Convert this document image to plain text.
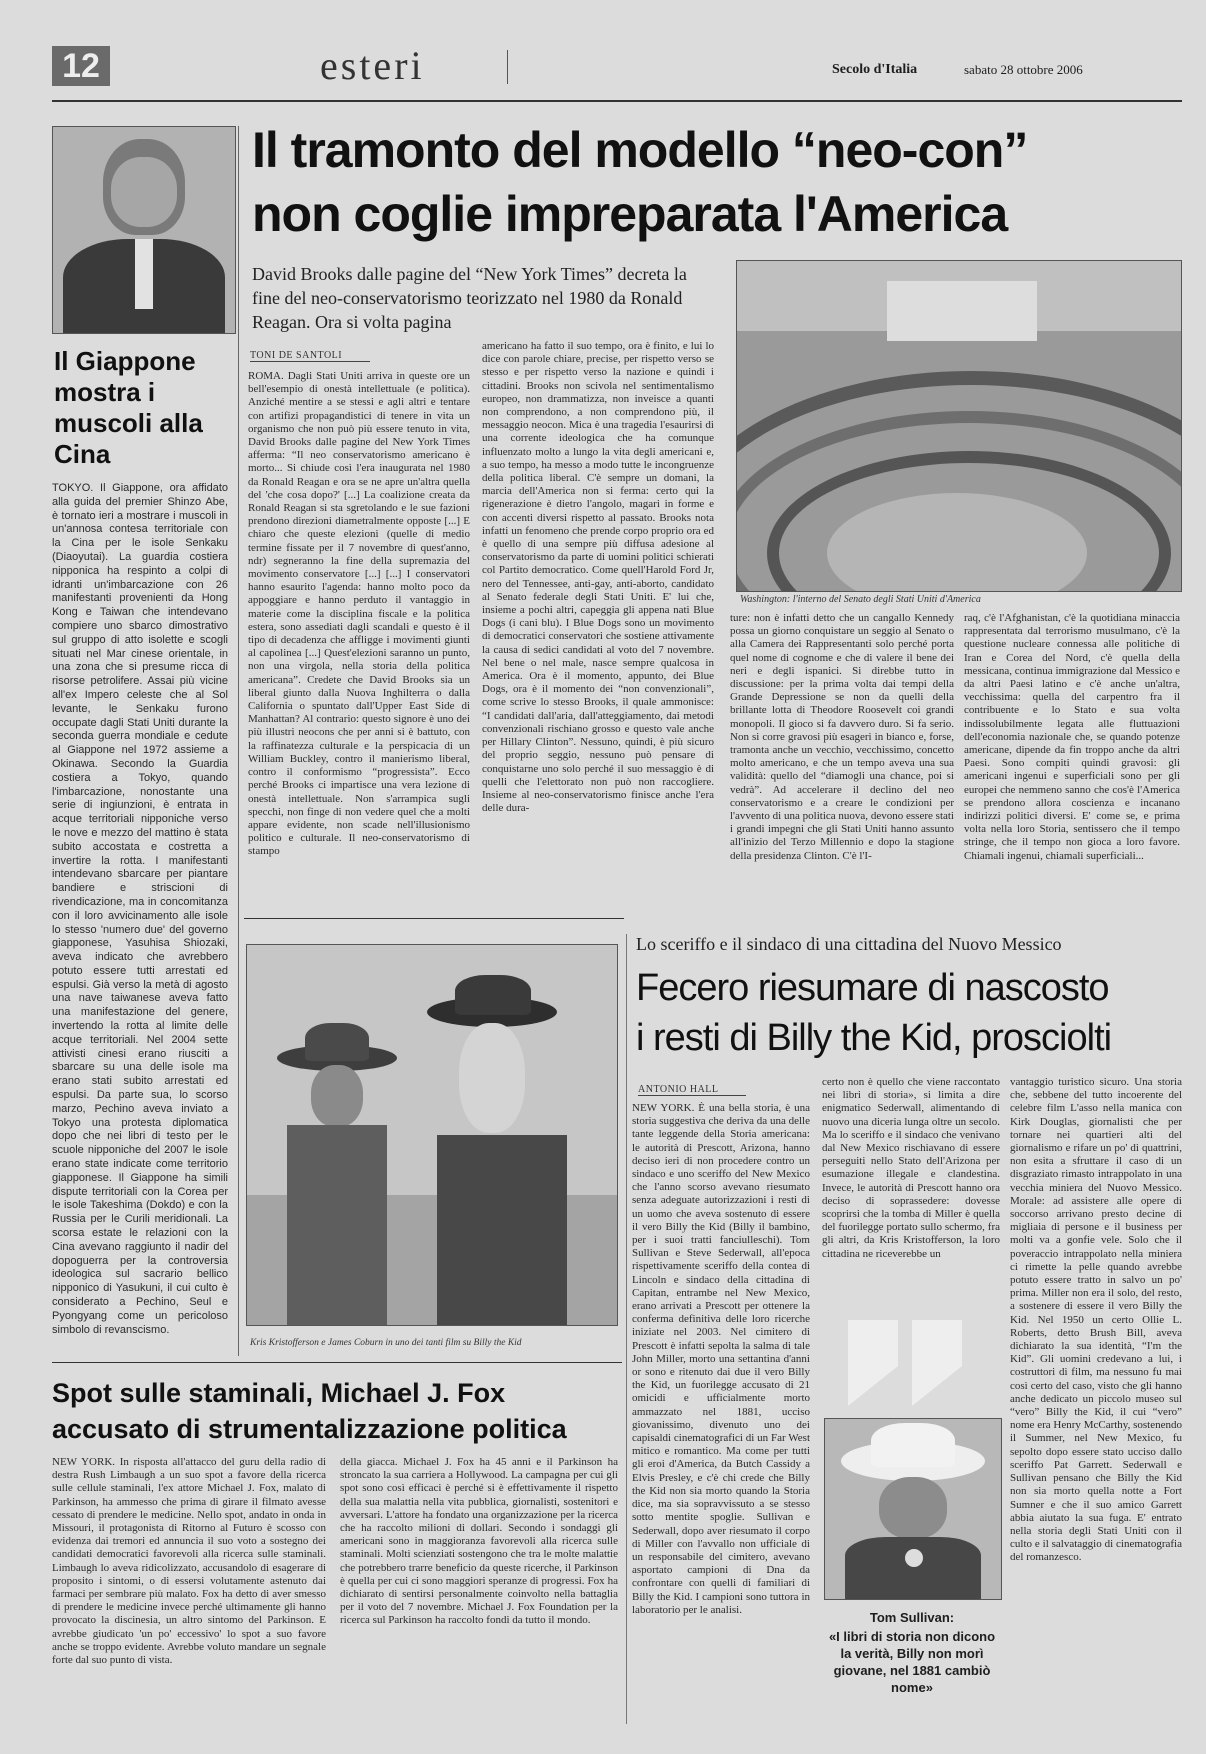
12	esteri	Secolo d'Italia	sabato 28 ottobre 2006
Il Giappone mostra i muscoli alla Cina
TOKYO. Il Giappone, ora affidato alla guida del premier Shinzo Abe, è tornato ieri a mostrare i muscoli in un'annosa contesa territoriale con la Cina per le isole Senkaku (Diaoyutai). La guardia costiera nipponica ha respinto a colpi di idranti un'imbarcazione con 26 manifestanti provenienti da Hong Kong e Taiwan che intendevano compiere uno sbarco dimostrativo sul gruppo di atto isolette e scogli situati nel Mar cinese orientale, in una zona che si presume ricca di risorse petrolifere. Assai più vicine all'ex Impero celeste che al Sol levante, le Senkaku furono occupate dagli Stati Uniti durante la seconda guerra mondiale e cedute al Giappone nel 1972 assieme a Okinawa. Secondo la Guardia costiera a Tokyo, quando l'imbarcazione, nonostante una serie di ingiunzioni, è entrata in acque territoriali nipponiche verso le nove e mezzo del mattino è stata subito accostata e costretta a invertire la rotta. I manifestanti intendevano sbarcare per piantare bandiere e striscioni di rivendicazione, ma in concomitanza con il loro avvicinamento alle isole lo stesso 'numero due' del governo giapponese, Yasuhisa Shiozaki, aveva indicato che avrebbero potuto essere tutti arrestati ed espulsi. Già verso la metà di agosto una nave taiwanese aveva fatto una manifestazione del genere, invertendo la rotta al limite delle acque territoriali. Nel 2004 sette attivisti cinesi erano riusciti a sbarcare su una delle isole ma erano stati subito arrestati ed espulsi. Da parte sua, lo scorso marzo, Pechino aveva inviato a Tokyo una protesta diplomatica dopo che nei libri di testo per le scuole nipponiche del 2007 le isole erano state indicate come territorio giapponese. Il Giappone ha simili dispute territoriali con la Corea per le isole Takeshima (Dokdo) e con la Russia per le Curili meridionali. La scorsa estate le relazioni con la Cina avevano raggiunto il nadir del dopoguerra per la controversia ideologica sul sacrario bellico nipponico di Yasukuni, il cui culto è considerato a Pechino, Seul e Pyongyang come un pericoloso simbolo di revanscismo.
Il tramonto del modello “neo-con”
non coglie impreparata l'America
David Brooks dalle pagine del “New York Times” decreta la fine del neo-conservatorismo teorizzato nel 1980 da Ronald Reagan. Ora si volta pagina
TONI DE SANTOLI
ROMA. Dagli Stati Uniti arriva in queste ore un bell'esempio di onestà intellettuale (e politica). Anziché mentire a se stessi e agli altri e tentare con artifizi propagandistici di tenere in vita un organismo che non può più essere tenuto in vita, David Brooks dalle pagine del New York Times afferma: “Il neo conservatorismo americano è morto... Si chiude così l'era inaugurata nel 1980 da Ronald Reagan e ora se ne apre un'altra quella del 'che cosa dopo?' [...] La coalizione creata da Ronald Reagan si sta sgretolando e le sue fazioni prendono direzioni diametralmente opposte [...] E chiaro che queste elezioni (quelle di medio termine fissate per il 7 novembre di quest'anno, ndr) segneranno la fine della supremazia del movimento conservatore [...] [...] I conservatori hanno esaurito l'agenda: hanno molto poco da appoggiare e hanno perduto il vantaggio in materie come la disciplina fiscale e la politica estera, sono assediati dagli scandali e questo è il tipo di decadenza che affligge i movimenti giunti al capolinea [...] Quest'elezioni saranno un punto, non una virgola, nella storia della politica americana”. Credete che David Brooks sia un liberal giunto dalla Nuova Inghilterra o dalla California o spuntato dall'Upper East Side di Manhattan? Al contrario: questo signore è uno dei più illustri neocons che per anni si è battuto, con la raffinatezza culturale e la perspicacia di un William Buckley, contro il manierismo liberal, contro il conformismo “progressista”. Ecco perché Brooks ci impartisce una vera lezione di onestà intellettuale. Non s'arrampica sugli specchi, non finge di non vedere quel che a molti appare evidente, non scade nell'illusionismo politico e culturale. Il neo-conservatorismo di stampo
americano ha fatto il suo tempo, ora è finito, e lui lo dice con parole chiare, precise, per rispetto verso se stesso e per rispetto verso la nazione e quindi i cittadini. Brooks non scivola nel sentimentalismo europeo, non drammatizza, non inveisce a quanti non comprendono, a non comprendono più, il messaggio neocon. Mica è una tragedia l'esaurirsi di una corrente ideologica che ha comunque influenzato molto a lungo la vita degli americani e, a suo tempo, ha messo a modo tutte le incongruenze della politica liberal. C'è sempre un domani, la marcia dell'America non si ferma: certo qui la rigenerazione è dietro l'angolo, magari in forme e con accenti diversi rispetto al passato. Brooks nota infatti un fenomeno che prende corpo proprio ora ed è quello di una sempre più diffusa adesione al conservatorismo da parte di uomini politici schierati col Partito democratico. Come quell'Harold Ford Jr, nero del Tennessee, anti-gay, anti-aborto, candidato al Senato federale degli Stati Uniti. E' lui che, insieme a pochi altri, capeggia gli appena nati Blue Dogs (i cani blu). I Blue Dogs sono un movimento di democratici conservatori che sostiene attivamente la causa di sedici candidati al voto del 7 novembre. Nel bene o nel male, nasce sempre qualcosa in America. Ora è il momento, appunto, dei Blue Dogs, ora è il momento dei “non convenzionali”, come scrive lo stesso Brooks, il quale ammonisce: “I candidati dall'aria, dall'atteggiamento, dai metodi convenzionali rischiano grosso e questo vale anche per Hillary Clinton”. Nessuno, quindi, è più sicuro del proprio seggio, nessuno può pensare di conquistarne uno solo perché il suo messaggio è di quelli che l'elettorato non può non raccogliere. Insieme al neo-conservatorismo finisce anche l'era delle dura-
Washington: l'interno del Senato degli Stati Uniti d'America
ture: non è infatti detto che un cangallo Kennedy possa un giorno conquistare un seggio al Senato o alla Camera dei Rappresentanti solo perché porta quel nome di cognome e che di valere il bene dei neri e degli ispanici. Si direbbe tutto in discussione: per la prima volta dai tempi della Grande Depressione se non da quelli della brillante lotta di Theodore Roosevelt coi grandi monopoli. Il gioco si fa davvero duro. Si fa serio. Non si corre gravosi più esageri in bianco e, forse, tramonta anche un vecchio, vecchissimo, concetto molto americano, e che un tempo aveva una sua validità: quello del “diamogli una chance, poi si vedrà”. Ad accelerare il declino del neo conservatorismo e a creare le condizioni per l'avvento di una politica nuova, devono essere stati i grandi impegni che gli Stati Uniti hanno assunto all'inizio del Terzo Millennio e dopo la stagione della presidenza Clinton. C'è l'I-
raq, c'è l'Afghanistan, c'è la quotidiana minaccia rappresentata dal terrorismo musulmano, c'è la questione nucleare connessa alle politiche di Iran e Corea del Nord, c'è quella della messicana, continua immigrazione dal Messico e da altri Paesi latino e c'è anche un'altra, vecchissima: quella del carpentro fra il contribuente e lo Stato e sua volta indissolubilmente legata alle fluttuazioni dell'economia nazionale che, se quando potenze americane, dipende da fin troppo anche da altri Paesi. Sono compiti quindi gravosi: gli americani ingenui e superficiali sono per gli europei che nemmeno sanno che cos'è l'America se prendono allora coscienza e incanano indirizzi politici diversi. E' come se, e prima volta nella loro Storia, sentissero che il tempo stringe, che il tempo non gioca a loro favore. Chiamali ingenui, chiamali superficiali...
Kris Kristofferson e James Coburn in uno dei tanti film su Billy the Kid
Lo sceriffo e il sindaco di una cittadina del Nuovo Messico
Fecero riesumare di nascosto
i resti di Billy the Kid, prosciolti
ANTONIO HALL
NEW YORK. È una bella storia, è una storia suggestiva che deriva da una delle tante leggende della Storia americana: le autorità di Prescott, Arizona, hanno deciso ieri di non procedere contro un sindaco e uno sceriffo del New Mexico che l'anno scorso avevano riesumato senza adeguate autorizzazioni i resti di un uomo che aveva sostenuto di essere il vero Billy the Kid (Billy il bambino, per i suoi tratti fanciulleschi). Tom Sullivan e Steve Sederwall, all'epoca rispettivamente sceriffo della contea di Lincoln e sindaco della cittadina di Capitan, entrambe nel New Mexico, erano arrivati a Prescott per ottenere la conferma definitiva delle loro ricerche iniziate nel 2003. Nel cimitero di Prescott è infatti sepolta la salma di tale John Miller, morto una settantina d'anni or sono e ritenuto dai due il vero Billy the Kid, un fuorilegge accusato di 21 omicidi e ufficialmente morto ammazzato nel 1881, ucciso giovanissimo, divenuto uno dei capisaldi cinematografici di un Far West mitico e romantico. Ma come per tutti gli eroi d'America, da Butch Cassidy a Elvis Presley, e c'è chi crede che Billy the Kid non sia morto quando la Storia dice, ma sia sopravvissuto a se stesso sotto mentite spoglie. Sullivan e Sederwall, dopo aver riesumato il corpo di Miller con l'avvallo non ufficiale di un responsabile del cimitero, avevano asportato campioni di Dna da confrontare con quelli di familiari di Billy the Kid. I campioni sono tuttora in laboratorio per le analisi.
certo non è quello che viene raccontato nei libri di storia», si limita a dire enigmatico Sederwall, alimentando di nuovo una diceria lunga oltre un secolo. Ma lo sceriffo e il sindaco che venivano dal New Mexico rischiavano di essere perseguiti nello Stato dell'Arizona per esumazione illegale e clandestina. Invece, le autorità di Prescott hanno ora deciso di soprassedere: dovesse scoprirsi che la tomba di Miller è quella del fuorilegge portato sullo schermo, fra gli altri, da Kris Kristofferson, la loro cittadina ne riceverebbe un
vantaggio turistico sicuro. Una storia che, sebbene del tutto incoerente del celebre film L'asso nella manica con Kirk Douglas, giornalisti che per tornare nei quartieri alti del giornalismo e rifare un po' di quattrini, non esita a sfruttare il caso di un disgraziato rimasto intrappolato in una vecchia miniera del Nuovo Messico. Morale: ad assistere alle opere di soccorso arrivano presto decine di migliaia di persone e il business per molti va a gonfie vele. Solo che il poveraccio intrappolato nella miniera ci rimette la pelle quando avrebbe potuto essere tratto in salvo un po' prima. Miller non era il solo, del resto, a sostenere di essere il vero Billy the Kid. Nel 1950 un certo Ollie L. Roberts, detto Brush Bill, aveva dichiarato la sua identità, “I'm the Kid”. Gli uomini credevano a lui, i costruttori di film, ma nessuno fu mai così certo del caso, visto che gli hanno anche dedicato un piccolo museo sul “vero” Billy the Kid, il cui “vero” nome era Henry McCarthy, sostenendo il Summer, nel New Mexico, fu sepolto dopo essere stato ucciso dallo sceriffo Pat Garrett. Sederwall e Sullivan pensano che Billy the Kid non sia morto quella notte a Fort Sumner e che il suo amico Garrett abbia aiutato la sua fuga. E' entrato nella storia degli Stati Uniti con il culto e il salvataggio di cinematografia del romanzesco.
Tom Sullivan:
«I libri di storia non dicono la verità, Billy non morì giovane, nel 1881 cambiò nome»
Spot sulle staminali, Michael J. Fox
accusato di strumentalizzazione politica
NEW YORK. In risposta all'attacco del guru della radio di destra Rush Limbaugh a un suo spot a favore della ricerca sulle cellule staminali, l'ex attore Michael J. Fox, malato di Parkinson, ha ammesso che prima di girare il filmato avesse cessato di prendere le medicine. Nello spot, andato in onda in Missouri, il protagonista di Ritorno al Futuro è scosso con evidenza dai tremori ed annuncia il suo voto a sostegno dei candidati democratici favorevoli alla ricerca sulle staminali. Limbaugh lo aveva ridicolizzato, accusandolo di esagerare di proposito i sintomi, o di essersi volutamente astenuto dai farmaci per sembrare più malato. Fox ha detto di aver smesso di prendere le medicine invece perché ultimamente gli hanno provocato la discinesia, un altro sintomo del Parkinson. E avrebbe giudicato 'un po' eccessivo' lo spot a suo favore anche se troppo evidente. Avrebbe voluto mandare un segnale forte dal suo punto di vista.
della giacca. Michael J. Fox ha 45 anni e il Parkinson ha stroncato la sua carriera a Hollywood. La campagna per cui gli spot sono così efficaci è perché si è effettivamente il rispetto della sua malattia nella vita pubblica, giornalisti, sostenitori e avversari. L'attore ha fondato una organizzazione per la ricerca che ha raccolto milioni di dollari. Secondo i sondaggi gli americani sono in maggioranza favorevoli alla ricerca sulle staminali. Molti scienziati sostengono che tra le molte malattie che potrebbero trarre beneficio da queste ricerche, il Parkinson è quella per cui ci sono maggiori speranze di progressi. Fox ha dichiarato di sentirsi personalmente coinvolto nella battaglia per il voto del 7 novembre. Michael J. Fox Foundation per la ricerca sul Parkinson ha raccolto fondi da tutto il mondo.
